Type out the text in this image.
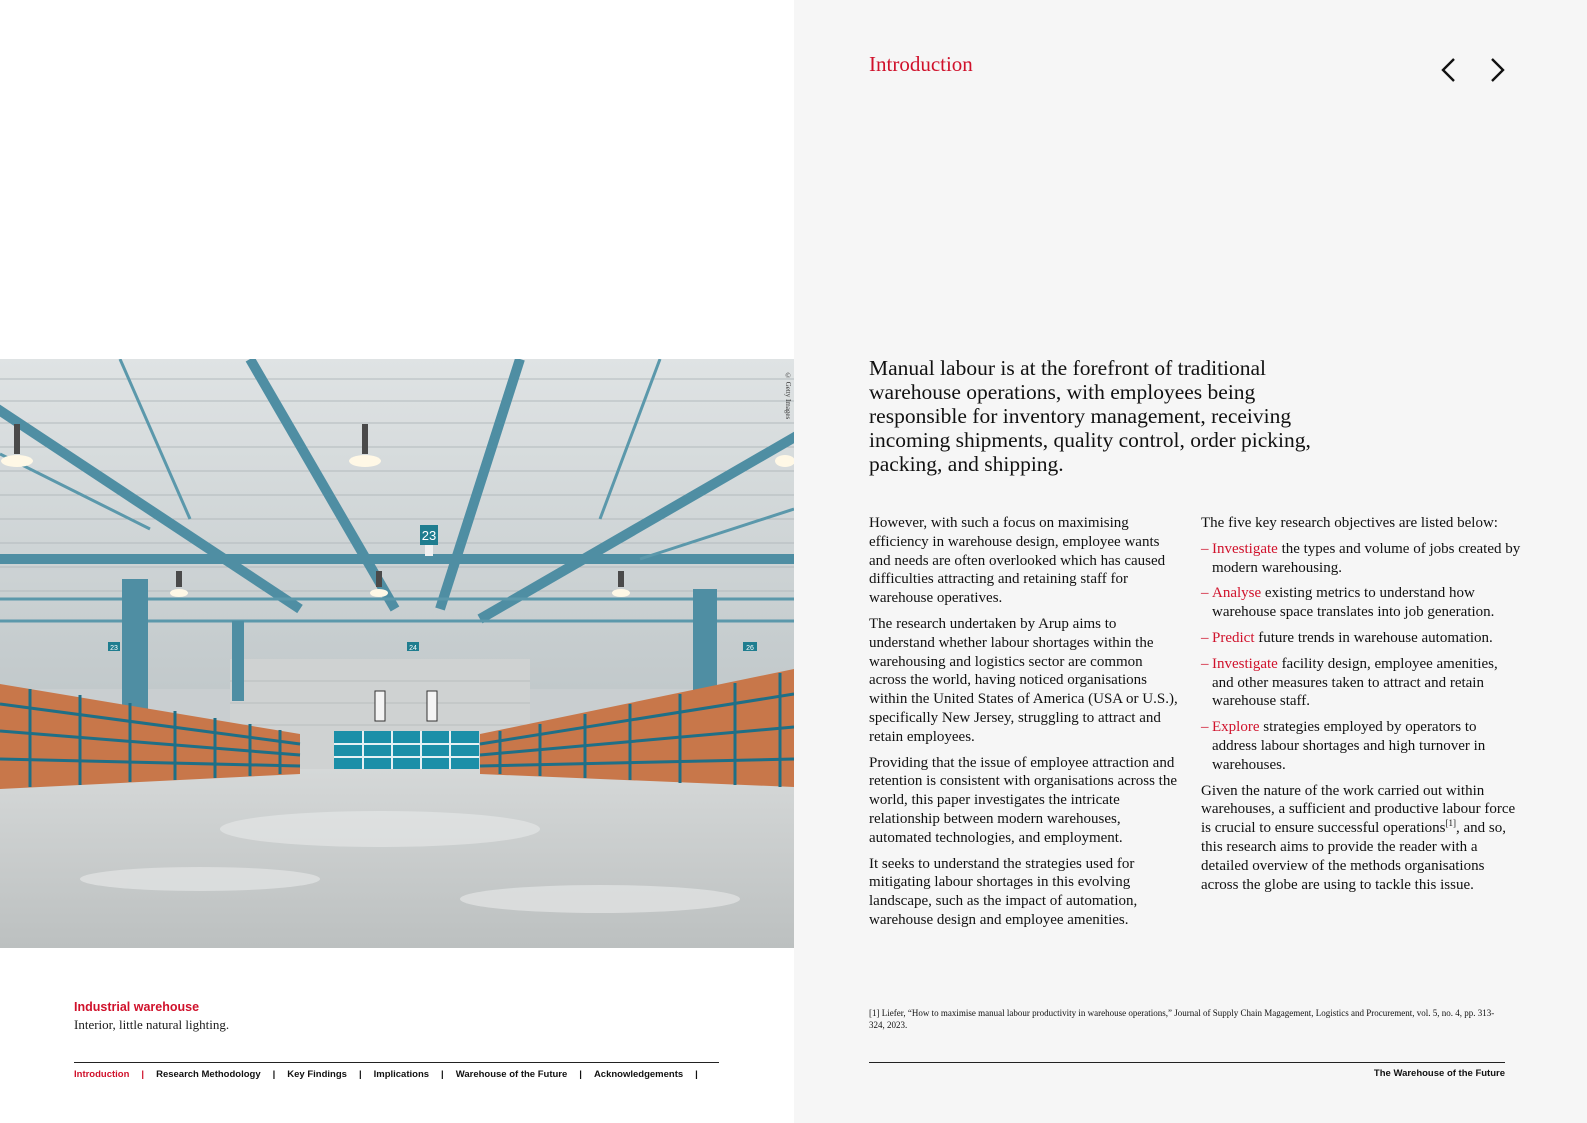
23
23	24	26
© Getty Images
Industrial warehouse
Interior, little natural lighting.
Introduction | Research Methodology | Key Findings | Implications | Warehouse of the Future | Acknowledgements |
Introduction

Manual labour is at the forefront of traditional warehouse operations, with employees being responsible for inventory management, receiving incoming shipments, quality control, order picking, packing, and shipping.

However, with such a focus on maximising efficiency in warehouse design, employee wants and needs are often overlooked which has caused difficulties attracting and retaining staff for warehouse operatives.

The research undertaken by Arup aims to understand whether labour shortages within the warehousing and logistics sector are common across the world, having noticed organisations within the United States of America (USA or U.S.), specifically New Jersey, struggling to attract and retain employees.

Providing that the issue of employee attraction and retention is consistent with organisations across the world, this paper investigates the intricate relationship between modern warehouses, automated technologies, and employment.

It seeks to understand the strategies used for mitigating labour shortages in this evolving landscape, such as the impact of automation, warehouse design and employee amenities.

The five key research objectives are listed below:

– Investigate the types and volume of jobs created by modern warehousing.
– Analyse existing metrics to understand how warehouse space translates into job generation.
– Predict future trends in warehouse automation.
– Investigate facility design, employee amenities, and other measures taken to attract and retain warehouse staff.
– Explore strategies employed by operators to address labour shortages and high turnover in warehouses.

Given the nature of the work carried out within warehouses, a sufficient and productive labour force is crucial to ensure successful operations[1], and so, this research aims to provide the reader with a detailed overview of the methods organisations across the globe are using to tackle this issue.

[1] Liefer, “How to maximise manual labour productivity in warehouse operations,” Journal of Supply Chain Magagement, Logistics and Procurement, vol. 5, no. 4, pp. 313-324, 2023.

The Warehouse of the Future
